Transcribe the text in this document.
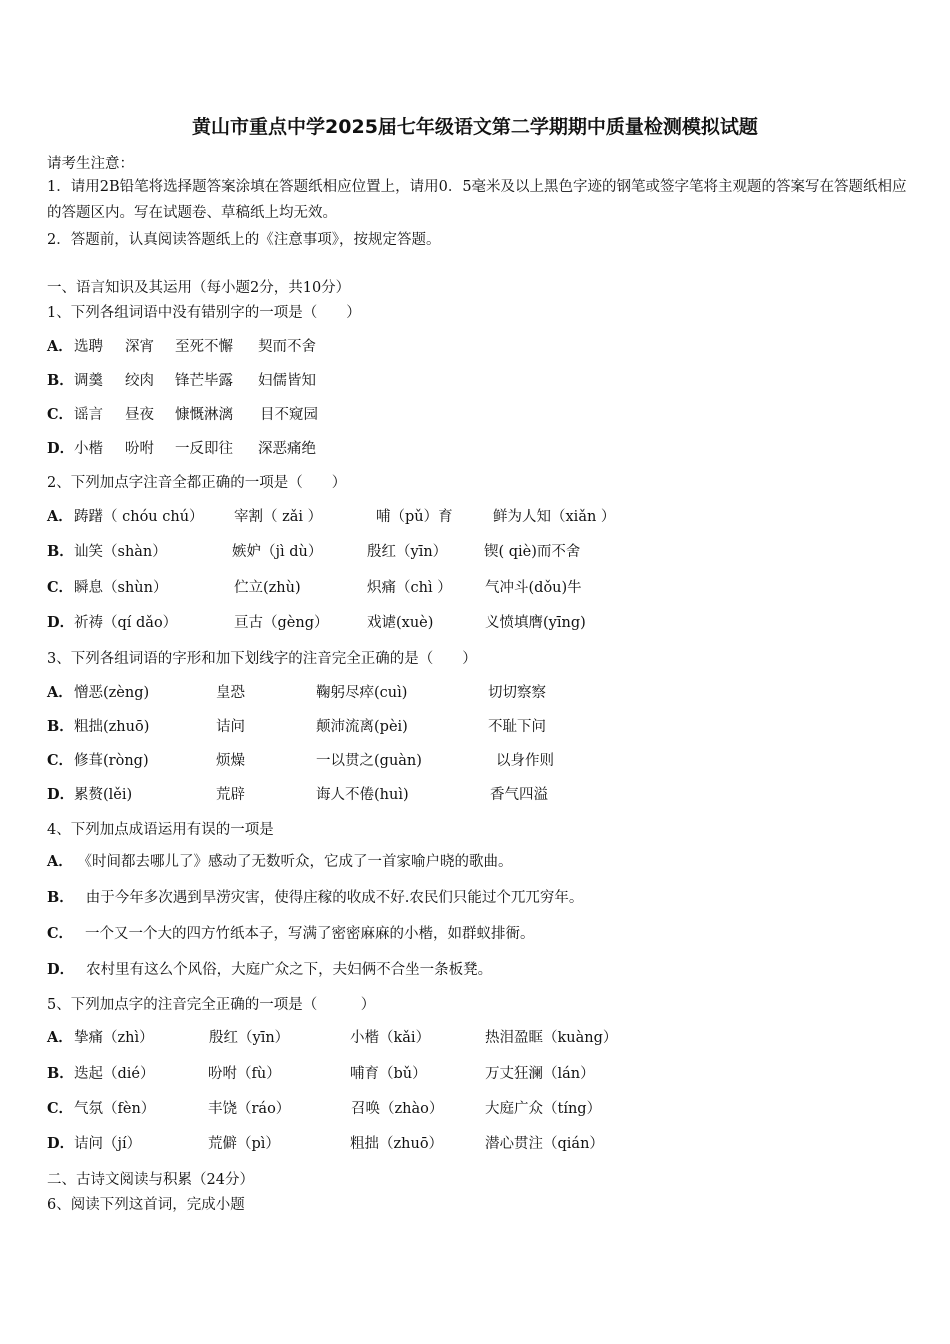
黄山市重点中学2025届七年级语文第二学期期中质量检测模拟试题
请考生注意：
1．请用2B铅笔将选择题答案涂填在答题纸相应位置上，请用0．5毫米及以上黑色字迹的钢笔或签字笔将主观题的答案写在答题纸相应的答题区内。写在试题卷、草稿纸上均无效。
2．答题前，认真阅读答题纸上的《注意事项》，按规定答题。
一、语言知识及其运用（每小题2分，共10分）
1、下列各组词语中没有错别字的一项是（　　）
A． 选聘 深宵 至死不懈 契而不舍
B． 调羹 绞肉 锋芒毕露 妇儒皆知
C． 谣言 昼夜 慷慨淋漓 目不窥园
D． 小楷 吩咐 一反即往 深恶痛绝
2、下列加点字注音全都正确的一项是（　　）
A． 踌躇（ chóu chú） 宰割（ zǎi ）	哺（pǔ）育	鲜为人知（xiǎn ）
B． 讪笑（shàn）	嫉妒（jì dù）	殷红（yīn）	锲( qiè)而不舍
C． 瞬息（shùn）	伫立(zhù)	炽痛（chì ） 气冲斗(dǒu)牛
D． 祈祷（qí dǎo）	亘古（gèng）	戏谑(xuè)	义愤填膺(yīng)
3、下列各组词语的字形和加下划线字的注音完全正确的是（　　）
A． 憎恶(zèng)	皇恐	鞠躬尽瘁(cuì)	切切察察
B． 粗拙(zhuō)	诘问	颠沛流离(pèi)	不耻下问
C． 修葺(ròng)	烦燥	一以贯之(guàn)	以身作则
D． 累赘(lěi)	荒辟	诲人不倦(huì)	香气四溢
4、下列加点成语运用有误的一项是
A． 《时间都去哪儿了》感动了无数听众，它成了一首家喻户晓的歌曲。
B． 由于今年多次遇到旱涝灾害，使得庄稼的收成不好.农民们只能过个兀兀穷年。
C． 一个又一个大的四方竹纸本子，写满了密密麻麻的小楷，如群蚁排衙。
D． 农村里有这么个风俗，大庭广众之下，夫妇俩不合坐一条板凳。
5、下列加点字的注音完全正确的一项是（　　　）
A． 挚痛（zhì）	殷红（yīn）	小楷（kǎi）	热泪盈眶（kuàng）
B． 迭起（dié）	吩咐（fù）	哺育（bǔ）	万丈狂澜（lán）
C． 气氛（fèn）	丰饶（ráo）	召唤（zhào）	大庭广众（tíng）
D． 诘问（jí）	荒僻（pì）	粗拙（zhuō）	潜心贯注（qián）
二、古诗文阅读与积累（24分）
6、阅读下列这首词，完成小题
